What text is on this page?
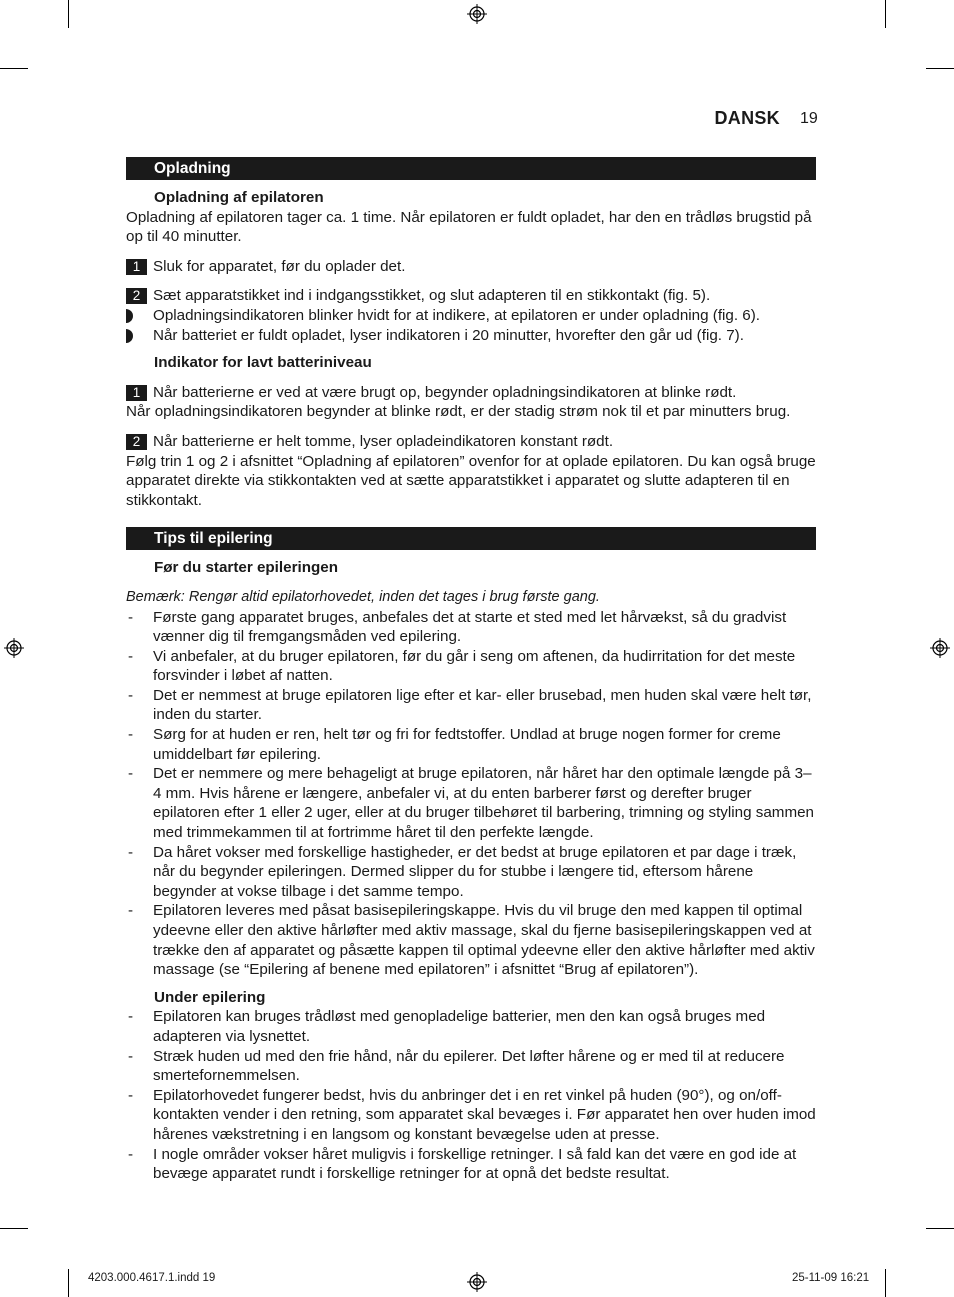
DANSK 19
Opladning
Opladning af epilatoren

Opladning af epilatoren tager ca. 1 time. Når epilatoren er fuldt opladet, har den en trådløs brugstid på op til 40 minutter.

1 Sluk for apparatet, før du oplader det.
2 Sæt apparatstikket ind i indgangsstikket, og slut adapteren til en stikkontakt (fig. 5).
Opladningsindikatoren blinker hvidt for at indikere, at epilatoren er under opladning (fig. 6).
Når batteriet er fuldt opladet, lyser indikatoren i 20 minutter, hvorefter den går ud (fig. 7).
Indikator for lavt batteriniveau
1 Når batterierne er ved at være brugt op, begynder opladningsindikatoren at blinke rødt.

Når opladningsindikatoren begynder at blinke rødt, er der stadig strøm nok til et par minutters brug.

2 Når batterierne er helt tomme, lyser opladeindikatoren konstant rødt.

Følg trin 1 og 2 i afsnittet “Opladning af epilatoren” ovenfor for at oplade epilatoren. Du kan også bruge apparatet direkte via stikkontakten ved at sætte apparatstikket i apparatet og slutte adapteren til en stikkontakt.

Tips til epilering
Før du starter epileringen

Bemærk: Rengør altid epilatorhovedet, inden det tages i brug første gang.

- Første gang apparatet bruges, anbefales det at starte et sted med let hårvækst, så du gradvist vænner dig til fremgangsmåden ved epilering.
- Vi anbefaler, at du bruger epilatoren, før du går i seng om aftenen, da hudirritation for det meste forsvinder i løbet af natten.
- Det er nemmest at bruge epilatoren lige efter et kar- eller brusebad, men huden skal være helt tør, inden du starter.
- Sørg for at huden er ren, helt tør og fri for fedtstoffer. Undlad at bruge nogen former for creme umiddelbart før epilering.
- Det er nemmere og mere behageligt at bruge epilatoren, når håret har den optimale længde på 3–4 mm. Hvis hårene er længere, anbefaler vi, at du enten barberer først og derefter bruger epilatoren efter 1 eller 2 uger, eller at du bruger tilbehøret til barbering, trimning og styling sammen med trimmekammen til at fortrimme håret til den perfekte længde.
- Da håret vokser med forskellige hastigheder, er det bedst at bruge epilatoren et par dage i træk, når du begynder epileringen. Dermed slipper du for stubbe i længere tid, eftersom hårene begynder at vokse tilbage i det samme tempo.
- Epilatoren leveres med påsat basisepileringskappe. Hvis du vil bruge den med kappen til optimal ydeevne eller den aktive hårløfter med aktiv massage, skal du fjerne basisepileringskappen ved at trække den af apparatet og påsætte kappen til optimal ydeevne eller den aktive hårløfter med aktiv massage (se “Epilering af benene med epilatoren” i afsnittet “Brug af epilatoren”).
Under epilering
- Epilatoren kan bruges trådløst med genopladelige batterier, men den kan også bruges med adapteren via lysnettet.
- Stræk huden ud med den frie hånd, når du epilerer. Det løfter hårene og er med til at reducere smertefornemmelsen.
- Epilatorhovedet fungerer bedst, hvis du anbringer det i en ret vinkel på huden (90°), og on/off-kontakten vender i den retning, som apparatet skal bevæges i. Før apparatet hen over huden imod hårenes vækstretning i en langsom og konstant bevægelse uden at presse.
- I nogle områder vokser håret muligvis i forskellige retninger. I så fald kan det være en god ide at bevæge apparatet rundt i forskellige retninger for at opnå det bedste resultat.
4203.000.4617.1.indd 19	25-11-09 16:21
